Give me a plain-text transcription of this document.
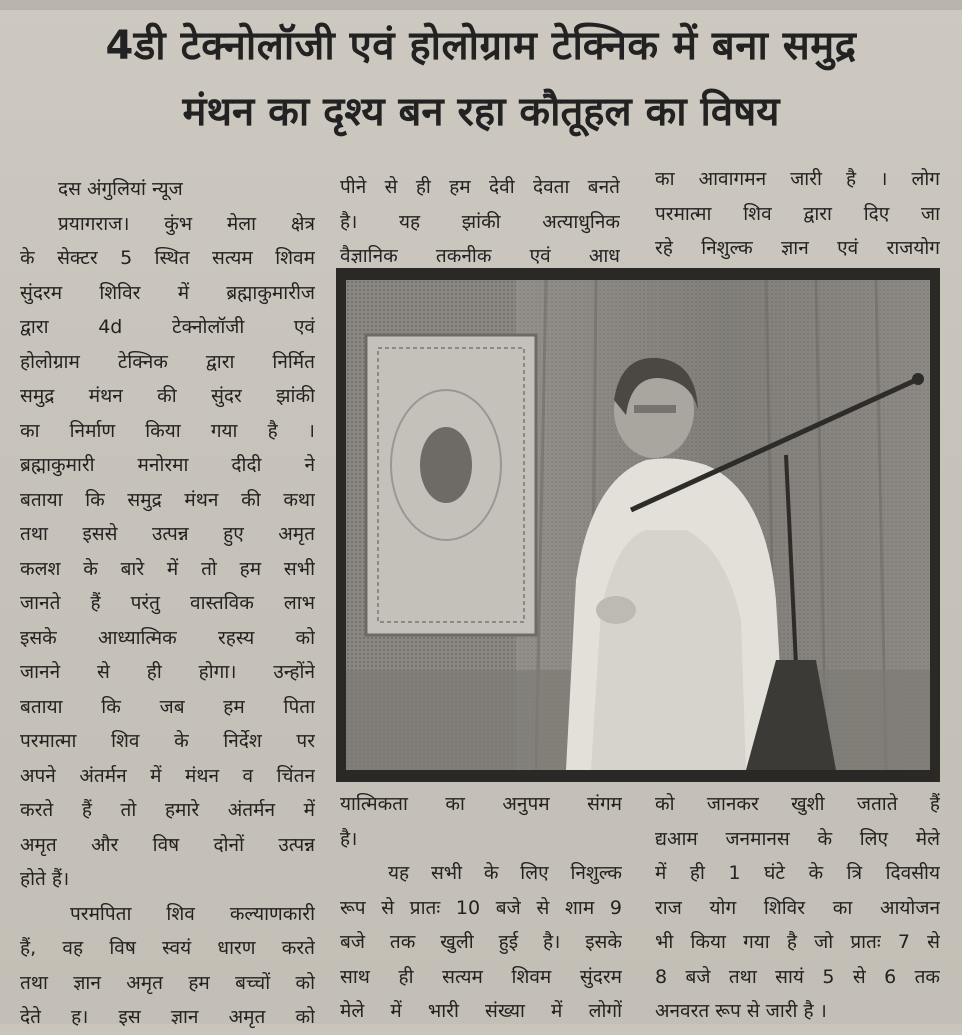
4डी टेक्नोलॉजी एवं होलोग्राम टेक्निक में बना समुद्र
मंथन का दृश्य बन रहा कौतूहल का विषय
दस अंगुलियां न्यूज
प्रयागराज। कुंभ मेला क्षेत्र
के सेक्टर 5 स्थित सत्यम शिवम
सुंदरम शिविर में ब्रह्माकुमारीज
द्वारा 4d टेक्नोलॉजी एवं
होलोग्राम टेक्निक द्वारा निर्मित
समुद्र मंथन की सुंदर झांकी
का निर्माण किया गया है ।
ब्रह्माकुमारी मनोरमा दीदी ने
बताया कि समुद्र मंथन की कथा
तथा इससे उत्पन्न हुए अमृत
कलश के बारे में तो हम सभी
जानते हैं परंतु वास्तविक लाभ
इसके आध्यात्मिक रहस्य को
जानने से ही होगा। उन्होंने
बताया कि जब हम पिता
परमात्मा शिव के निर्देश पर
अपने अंतर्मन में मंथन व चिंतन
करते हैं तो हमारे अंतर्मन में
अमृत और विष दोनों उत्पन्न
होते हैं।
परमपिता शिव कल्याणकारी
हैं, वह विष स्वयं धारण करते
तथा ज्ञान अमृत हम बच्चों को
देते ह। इस ज्ञान अमृत को
पीने से ही हम देवी देवता बनते
है। यह झांकी अत्याधुनिक
वैज्ञानिक तकनीक एवं आध
का आवागमन जारी है । लोग
परमात्मा शिव द्वारा दिए जा
रहे निशुल्क ज्ञान एवं राजयोग
यात्मिकता का अनुपम संगम
है।
यह सभी के लिए निशुल्क
रूप से प्रातः 10 बजे से शाम 9
बजे तक खुली हुई है। इसके
साथ ही सत्यम शिवम सुंदरम
मेले में भारी संख्या में लोगों
को जानकर खुशी जताते हैं
द्यआम जनमानस के लिए मेले
में ही 1 घंटे के त्रि दिवसीय
राज योग शिविर का आयोजन
भी किया गया है जो प्रातः 7 से
8 बजे तथा सायं 5 से 6 तक
अनवरत रूप से जारी है ।
